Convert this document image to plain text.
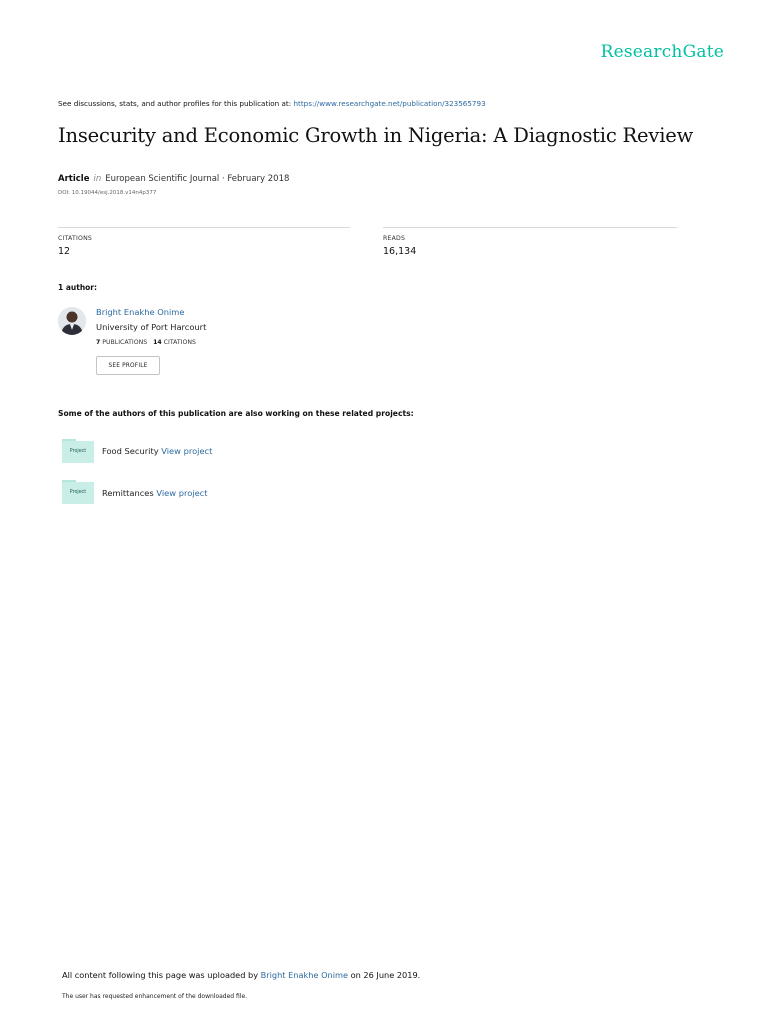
ResearchGate
See discussions, stats, and author profiles for this publication at: https://www.researchgate.net/publication/323565793
Insecurity and Economic Growth in Nigeria: A Diagnostic Review
Article in European Scientific Journal · February 2018
DOI: 10.19044/esj.2018.v14n4p377
CITATIONS
12
READS
16,134
1 author:
Bright Enakhe Onime
University of Port Harcourt
7 PUBLICATIONS 14 CITATIONS
SEE PROFILE
Some of the authors of this publication are also working on these related projects:
Project	Food Security View project
Project	Remittances View project
All content following this page was uploaded by Bright Enakhe Onime on 26 June 2019.
The user has requested enhancement of the downloaded file.
